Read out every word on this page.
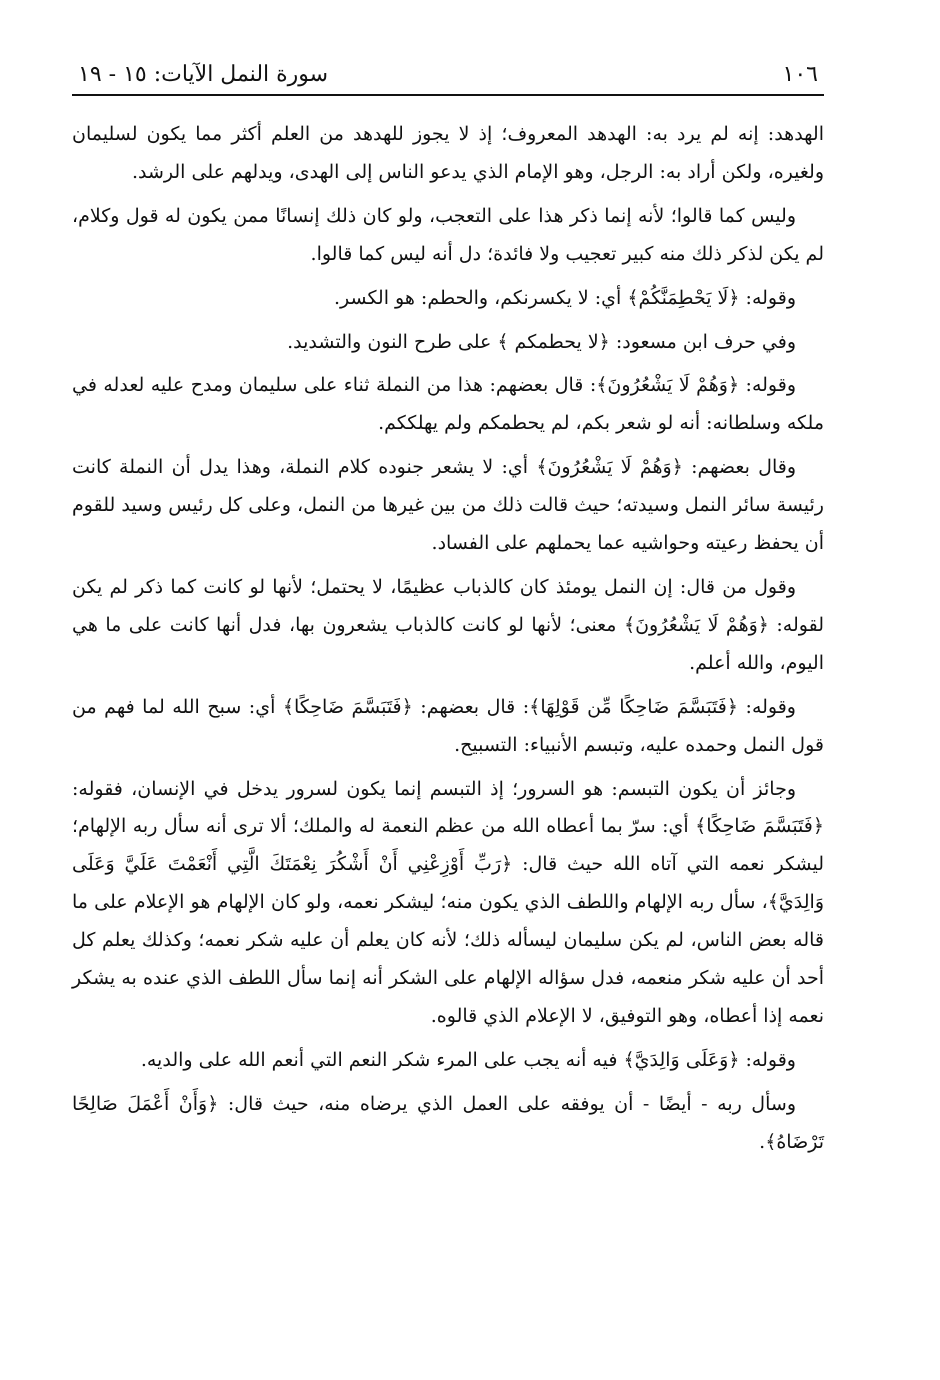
١٠٦
سورة النمل الآيات: ١٥ - ١٩

الهدهد: إنه لم يرد به: الهدهد المعروف؛ إذ لا يجوز للهدهد من العلم أكثر مما يكون لسليمان ولغيره، ولكن أراد به: الرجل، وهو الإمام الذي يدعو الناس إلى الهدى، ويدلهم على الرشد.

وليس كما قالوا؛ لأنه إنما ذكر هذا على التعجب، ولو كان ذلك إنسانًا ممن يكون له قول وكلام، لم يكن لذكر ذلك منه كبير تعجيب ولا فائدة؛ دل أنه ليس كما قالوا.

وقوله: ﴿لَا يَحْطِمَنَّكُمْ﴾ أي: لا يكسرنكم، والحطم: هو الكسر.

وفي حرف ابن مسعود: ﴿لا يحطمكم ﴾ على طرح النون والتشديد.

وقوله: ﴿وَهُمْ لَا يَشْعُرُونَ﴾: قال بعضهم: هذا من النملة ثناء على سليمان ومدح عليه لعدله في ملكه وسلطانه: أنه لو شعر بكم، لم يحطمكم ولم يهلككم.

وقال بعضهم: ﴿وَهُمْ لَا يَشْعُرُونَ﴾ أي: لا يشعر جنوده كلام النملة، وهذا يدل أن النملة كانت رئيسة سائر النمل وسيدته؛ حيث قالت ذلك من بين غيرها من النمل، وعلى كل رئيس وسيد للقوم أن يحفظ رعيته وحواشيه عما يحملهم على الفساد.

وقول من قال: إن النمل يومئذ كان كالذباب عظيمًا، لا يحتمل؛ لأنها لو كانت كما ذكر لم يكن لقوله: ﴿وَهُمْ لَا يَشْعُرُونَ﴾ معنى؛ لأنها لو كانت كالذباب يشعرون بها، فدل أنها كانت على ما هي اليوم، والله أعلم.

وقوله: ﴿فَتَبَسَّمَ ضَاحِكًا مِّن قَوْلِهَا﴾: قال بعضهم: ﴿فَتَبَسَّمَ ضَاحِكًا﴾ أي: سبح الله لما فهم من قول النمل وحمده عليه، وتبسم الأنبياء: التسبيح.

وجائز أن يكون التبسم: هو السرور؛ إذ التبسم إنما يكون لسرور يدخل في الإنسان، فقوله: ﴿فَتَبَسَّمَ ضَاحِكًا﴾ أي: سرّ بما أعطاه الله من عظم النعمة له والملك؛ ألا ترى أنه سأل ربه الإلهام؛ ليشكر نعمه التي آتاه الله حيث قال: ﴿رَبِّ أَوْزِعْنِي أَنْ أَشْكُرَ نِعْمَتَكَ الَّتِي أَنْعَمْتَ عَلَيَّ وَعَلَى وَالِدَيَّ﴾، سأل ربه الإلهام واللطف الذي يكون منه؛ ليشكر نعمه، ولو كان الإلهام هو الإعلام على ما قاله بعض الناس، لم يكن سليمان ليسأله ذلك؛ لأنه كان يعلم أن عليه شكر نعمه؛ وكذلك يعلم كل أحد أن عليه شكر منعمه، فدل سؤاله الإلهام على الشكر أنه إنما سأل اللطف الذي عنده به يشكر نعمه إذا أعطاه، وهو التوفيق، لا الإعلام الذي قالوه.

وقوله: ﴿وَعَلَى وَالِدَيَّ﴾ فيه أنه يجب على المرء شكر النعم التي أنعم الله على والديه.

وسأل ربه - أيضًا - أن يوفقه على العمل الذي يرضاه منه، حيث قال: ﴿وَأَنْ أَعْمَلَ صَالِحًا تَرْضَاهُ﴾.
